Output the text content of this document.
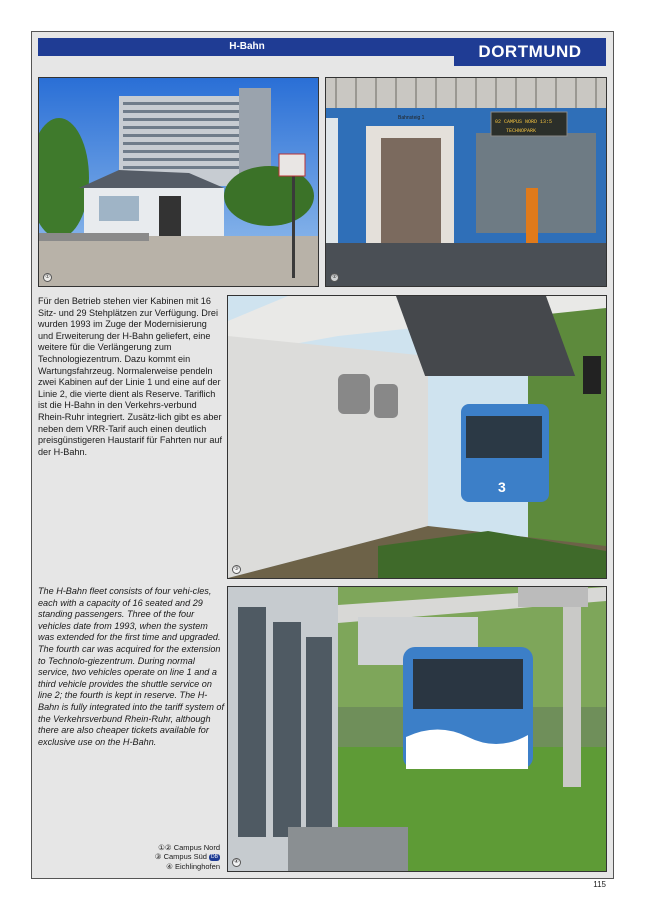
H-Bahn	DORTMUND
①
02 CAMPUS NORD 13:5
TECHNOPARK
Bahnsteig 1
②

Für den Betrieb stehen vier Kabinen mit 16 Sitz- und 29 Stehplätzen zur Verfügung. Drei wurden 1993 im Zuge der Modernisierung und Erweiterung der H-Bahn geliefert, eine weitere für die Verlängerung zum Technologiezentrum. Dazu kommt ein Wartungsfahrzeug. Normalerweise pendeln zwei Kabinen auf der Linie 1 und eine auf der Linie 2, die vierte dient als Reserve. Tariflich ist die H-Bahn in den Verkehrs-verbund Rhein-Ruhr integriert. Zusätz-lich gibt es aber neben dem VRR-Tarif auch einen deutlich preisgünstigeren Haustarif für Fahrten nur auf der H-Bahn.

3
③

The H-Bahn fleet consists of four vehi-cles, each with a capacity of 16 seated and 29 standing passengers. Three of the four vehicles date from 1993, when the system was extended for the first time and upgraded. The fourth car was acquired for the extension to Technolo-giezentrum. During normal service, two vehicles operate on line 1 and a third vehicle provides the shuttle service on line 2; the fourth is kept in reserve. The H-Bahn is fully integrated into the tariff system of the Verkehrsverbund Rhein-Ruhr, although there are also cheaper tickets available for exclusive use on the H-Bahn.

4
④
①② Campus Nord
③ Campus Süd DB
④ Eichlinghofen
115
